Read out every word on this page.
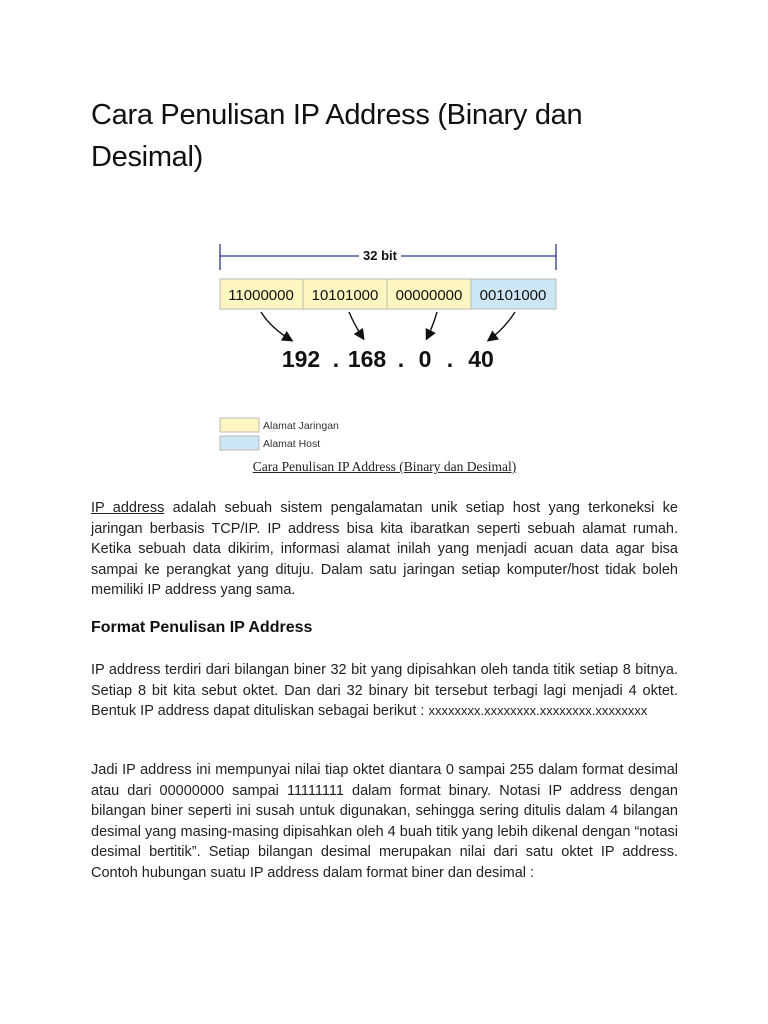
Cara Penulisan IP Address (Binary dan Desimal)
32 bit
11000000 10101000 00000000 00101000
192 . 168 . 0 . 40
Alamat Jaringan
Alamat Host
Cara Penulisan IP Address (Binary dan Desimal)

IP address adalah sebuah sistem pengalamatan unik setiap host yang terkoneksi ke jaringan berbasis TCP/IP. IP address bisa kita ibaratkan seperti sebuah alamat rumah. Ketika sebuah data dikirim, informasi alamat inilah yang menjadi acuan data agar bisa sampai ke perangkat yang dituju. Dalam satu jaringan setiap komputer/host tidak boleh memiliki IP address yang sama.

Format Penulisan IP Address

IP address terdiri dari bilangan biner 32 bit yang dipisahkan oleh tanda titik setiap 8 bitnya. Setiap 8 bit kita sebut oktet. Dan dari 32 binary bit tersebut terbagi lagi menjadi 4 oktet. Bentuk IP address dapat dituliskan sebagai berikut : xxxxxxxx.xxxxxxxx.xxxxxxxx.xxxxxxxx

Jadi IP address ini mempunyai nilai tiap oktet diantara 0 sampai 255 dalam format desimal atau dari 00000000 sampai 11111111 dalam format binary. Notasi IP address dengan bilangan biner seperti ini susah untuk digunakan, sehingga sering ditulis dalam 4 bilangan desimal yang masing-masing dipisahkan oleh 4 buah titik yang lebih dikenal dengan “notasi desimal bertitik”. Setiap bilangan desimal merupakan nilai dari satu oktet IP address. Contoh hubungan suatu IP address dalam format biner dan desimal :
